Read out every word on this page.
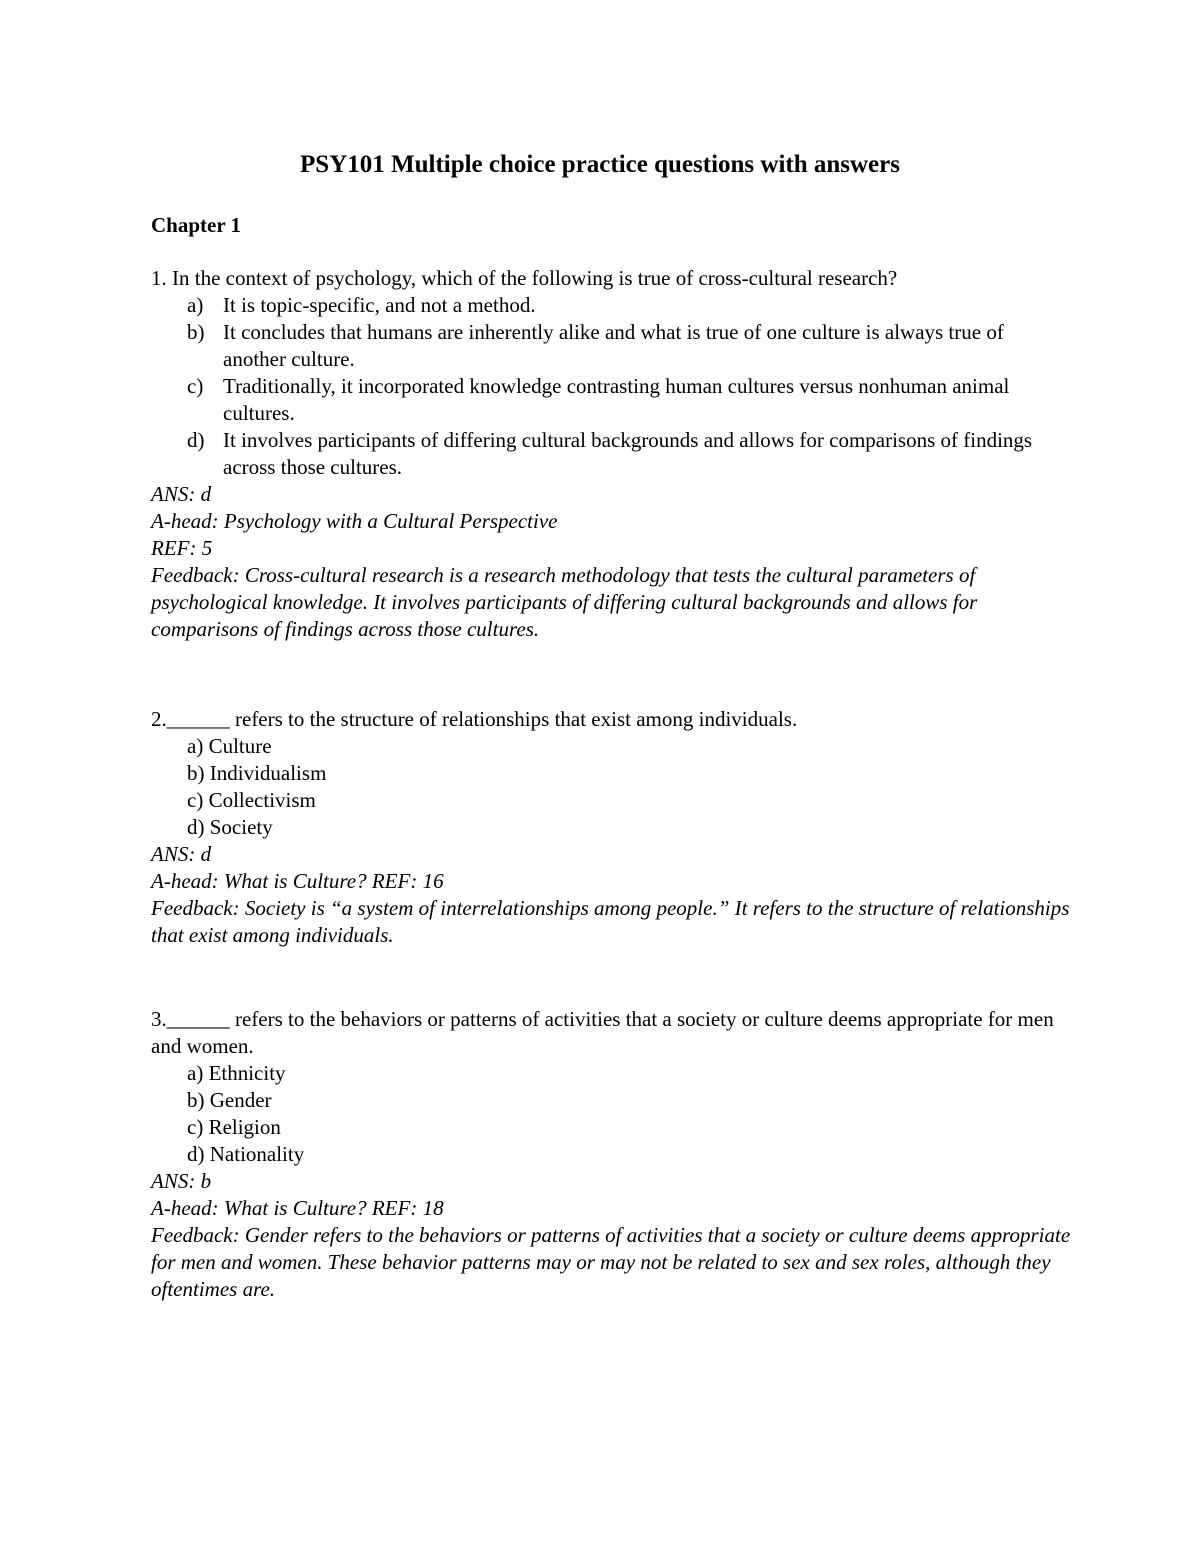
PSY101 Multiple choice practice questions with answers
Chapter 1

1. In the context of psychology, which of the following is true of cross-cultural research?

a) It is topic-specific, and not a method.
b) It concludes that humans are inherently alike and what is true of one culture is always true of another culture.
c) Traditionally, it incorporated knowledge contrasting human cultures versus nonhuman animal cultures.
d) It involves participants of differing cultural backgrounds and allows for comparisons of findings across those cultures.

ANS: d

A-head: Psychology with a Cultural Perspective

REF: 5

Feedback: Cross-cultural research is a research methodology that tests the cultural parameters of psychological knowledge. It involves participants of differing cultural backgrounds and allows for comparisons of findings across those cultures.

2.______ refers to the structure of relationships that exist among individuals.

a) Culture
b) Individualism
c) Collectivism
d) Society

ANS: d

A-head: What is Culture? REF: 16

Feedback: Society is “a system of interrelationships among people.” It refers to the structure of relationships that exist among individuals.

3.______ refers to the behaviors or patterns of activities that a society or culture deems appropriate for men and women.

a) Ethnicity
b) Gender
c) Religion
d) Nationality

ANS: b

A-head: What is Culture? REF: 18

Feedback: Gender refers to the behaviors or patterns of activities that a society or culture deems appropriate for men and women. These behavior patterns may or may not be related to sex and sex roles, although they oftentimes are.
